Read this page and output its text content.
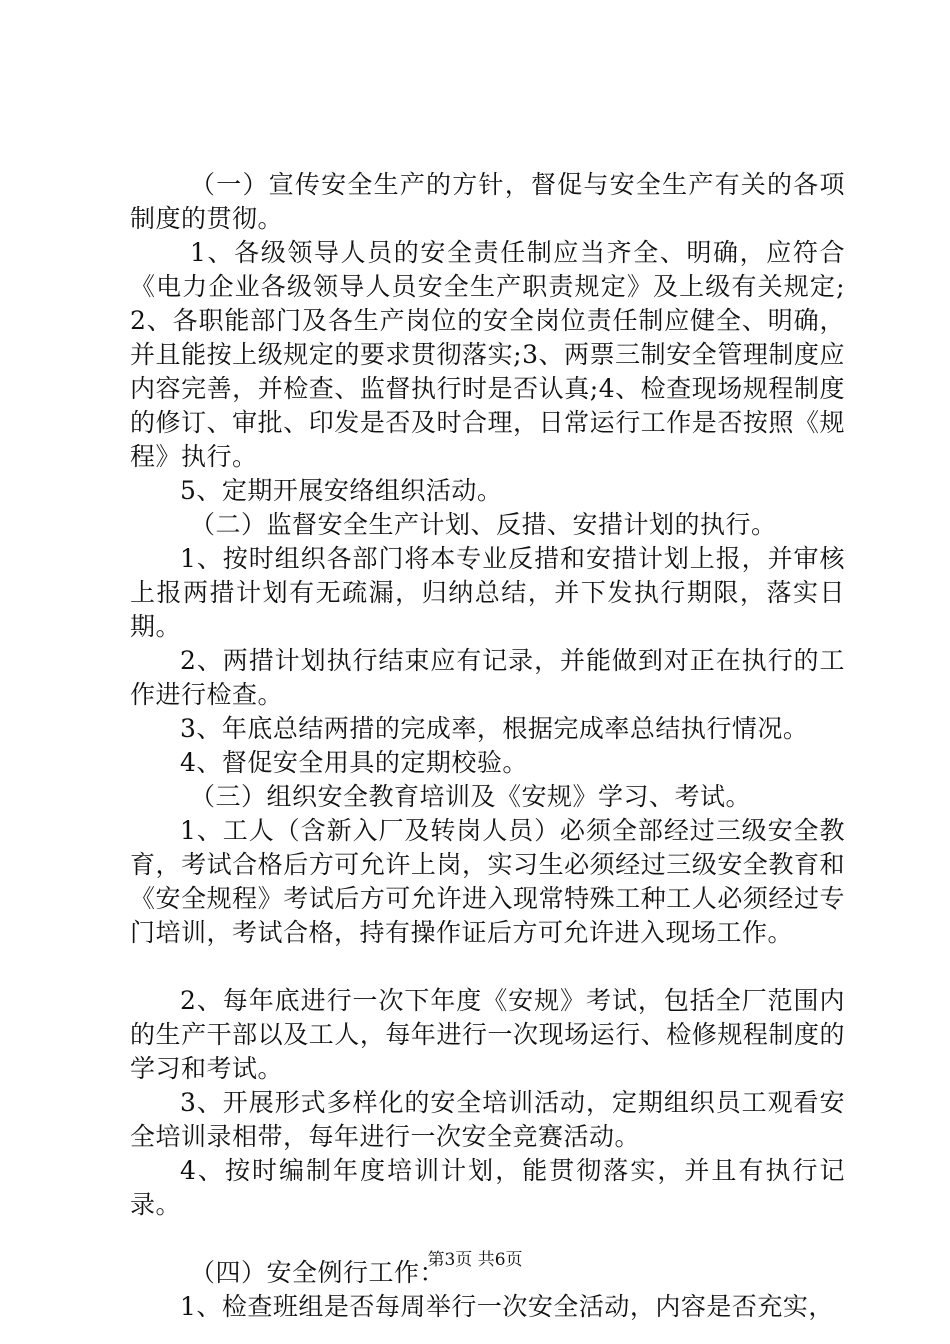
（一）宣传安全生产的方针，督促与安全生产有关的各项制度的贯彻。

1、各级领导人员的安全责任制应当齐全、明确，应符合《电力企业各级领导人员安全生产职责规定》及上级有关规定;2、各职能部门及各生产岗位的安全岗位责任制应健全、明确，并且能按上级规定的要求贯彻落实;3、两票三制安全管理制度应内容完善，并检查、监督执行时是否认真;4、检查现场规程制度的修订、审批、印发是否及时合理，日常运行工作是否按照《规程》执行。

5、定期开展安络组织活动。

（二）监督安全生产计划、反措、安措计划的执行。

1、按时组织各部门将本专业反措和安措计划上报，并审核上报两措计划有无疏漏，归纳总结，并下发执行期限，落实日期。

2、两措计划执行结束应有记录，并能做到对正在执行的工作进行检查。

3、年底总结两措的完成率，根据完成率总结执行情况。

4、督促安全用具的定期校验。

（三）组织安全教育培训及《安规》学习、考试。

1、工人（含新入厂及转岗人员）必须全部经过三级安全教育，考试合格后方可允许上岗，实习生必须经过三级安全教育和《安全规程》考试后方可允许进入现常特殊工种工人必须经过专门培训，考试合格，持有操作证后方可允许进入现场工作。

2、每年底进行一次下年度《安规》考试，包括全厂范围内的生产干部以及工人，每年进行一次现场运行、检修规程制度的学习和考试。

3、开展形式多样化的安全培训活动，定期组织员工观看安全培训录相带，每年进行一次安全竞赛活动。

4、按时编制年度培训计划，能贯彻落实，并且有执行记录。

（四）安全例行工作：

1、检查班组是否每周举行一次安全活动，内容是否充实，

第3页 共6页
